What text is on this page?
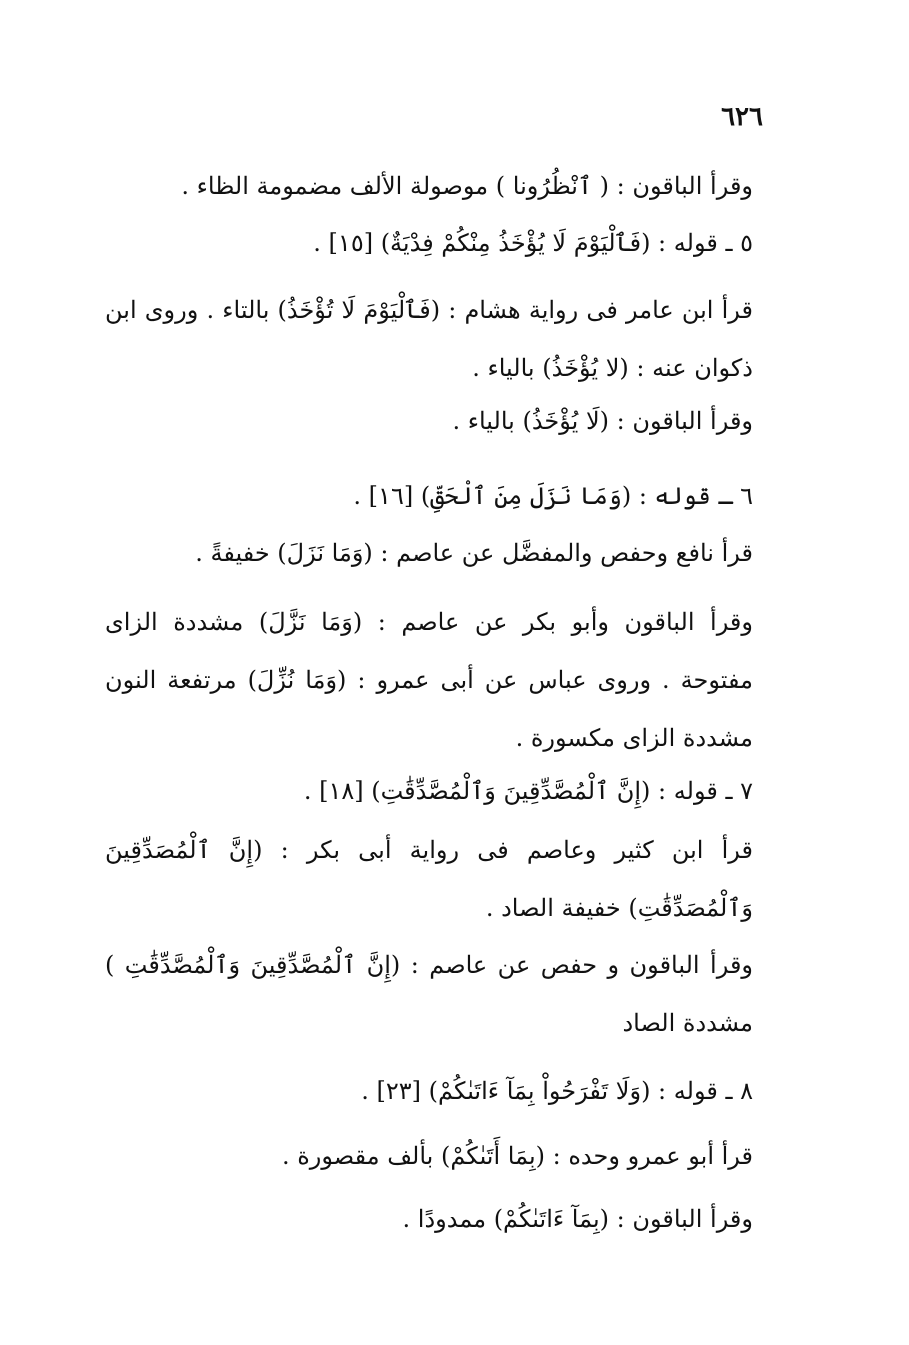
٦٢٦
وقرأ الباقون : ( ٱنْظُرُونا ) موصولة الألف مضمومة الظاء .
٥ ـ قوله : (فَٱلْيَوْمَ لَا يُؤْخَذُ مِنْكُمْ فِدْيَةٌ) [١٥] .
قرأ ابن عامر فى رواية هشام : (فَٱلْيَوْمَ لَا تُؤْخَذُ) بالتاء . وروى ابن ذكوان عنه : (لا يُؤْخَذُ) بالياء .
وقرأ الباقون : (لَا يُؤْخَذُ) بالياء .
٦ ـ قوله : (وَمَا نَزَلَ مِنَ ٱلْحَقِّ) [١٦] .
قرأ نافع وحفص والمفضَّل عن عاصم : (وَمَا نَزَلَ) خفيفةً .
وقرأ الباقون وأبو بكر عن عاصم : (وَمَا نَزَّلَ) مشددة الزاى مفتوحة . وروى عباس عن أبى عمرو : (وَمَا نُزِّلَ) مرتفعة النون مشددة الزاى مكسورة .
٧ ـ قوله : (إِنَّ ٱلْمُصَّدِّقِينَ وَٱلْمُصَّدِّقَٰتِ) [١٨] .
قرأ ابن كثير وعاصم فى رواية أبى بكر : (إِنَّ ٱلْمُصَدِّقِينَ وَٱلْمُصَدِّقَٰتِ) خفيفة الصاد .
وقرأ الباقون و حفص عن عاصم : (إِنَّ ٱلْمُصَّدِّقِينَ وَٱلْمُصَّدِّقَٰتِ ) مشددة الصاد
٨ ـ قوله : (وَلَا تَفْرَحُواْ بِمَآ ءَاتَىٰكُمْ) [٢٣] .
قرأ أبو عمرو وحده : (بِمَا أَتَىٰكُمْ) بألف مقصورة .
وقرأ الباقون : (بِمَآ ءَاتَىٰكُمْ) ممدودًا .
